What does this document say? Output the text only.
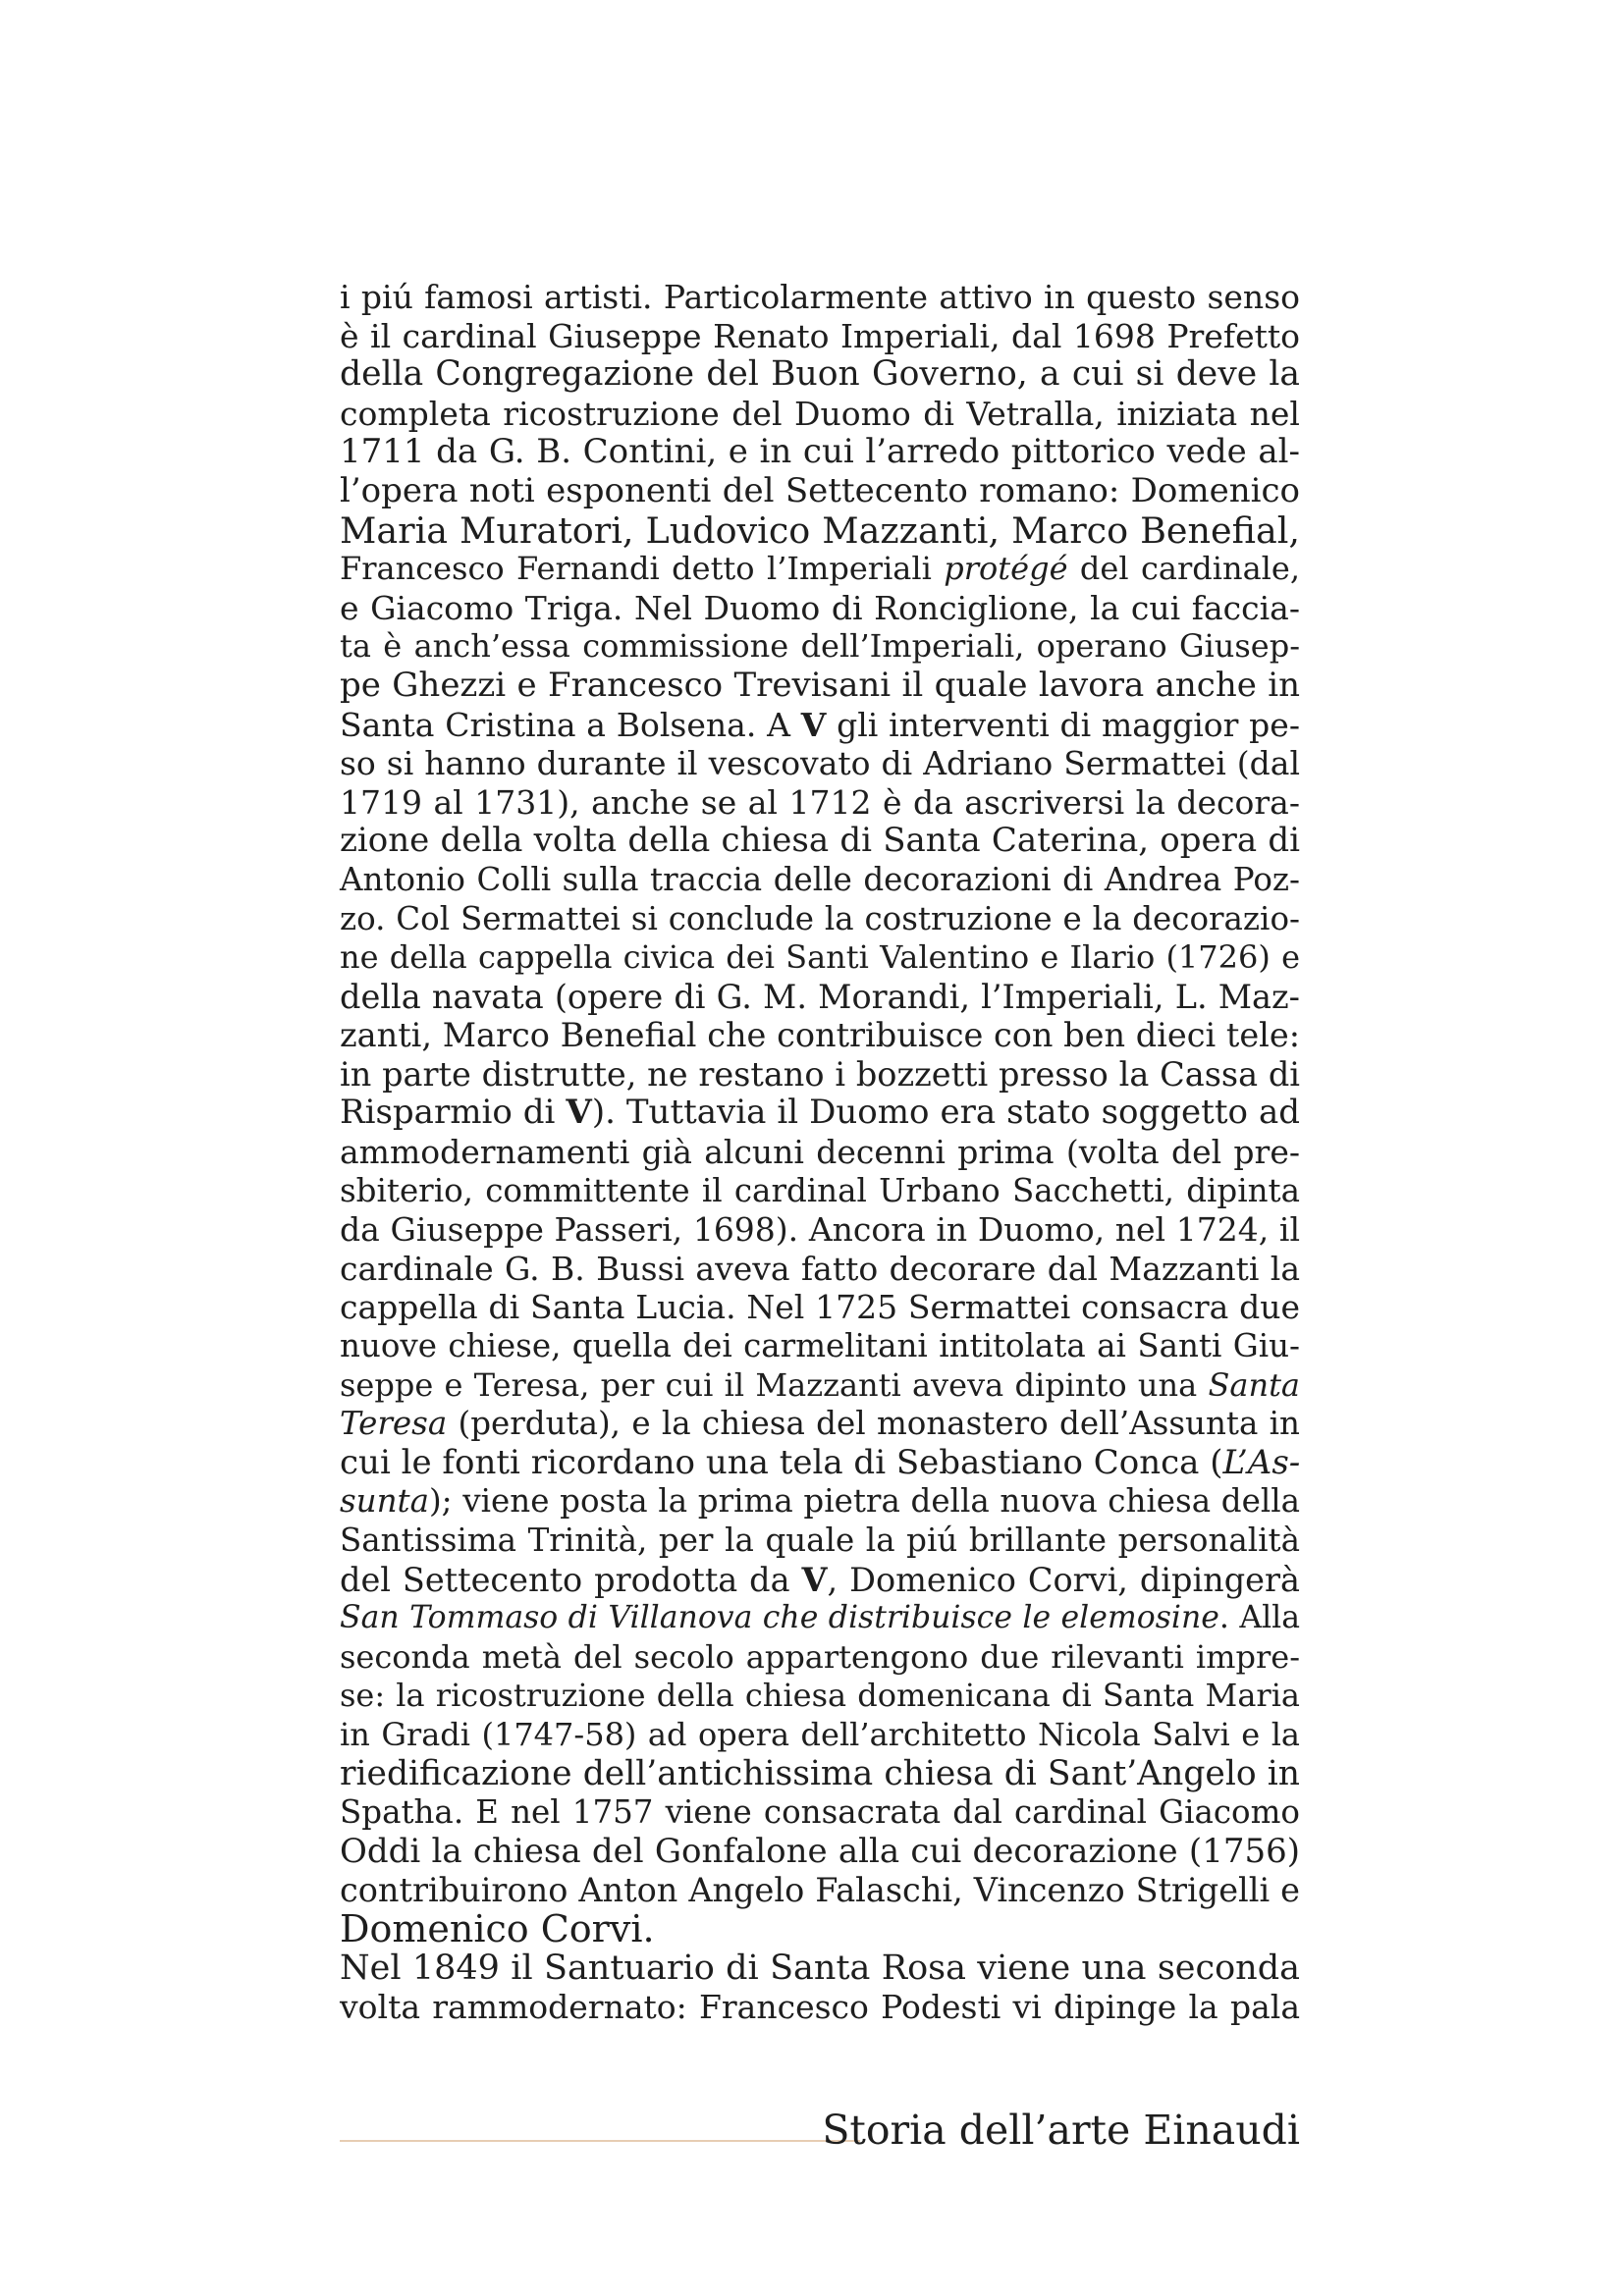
i piú famosi artisti. Particolarmente attivo in questo senso
è il cardinal Giuseppe Renato Imperiali, dal 1698 Prefetto
della Congregazione del Buon Governo, a cui si deve la
completa ricostruzione del Duomo di Vetralla, iniziata nel
1711 da G. B. Contini, e in cui l’arredo pittorico vede al-
l’opera noti esponenti del Settecento romano: Domenico
Maria Muratori, Ludovico Mazzanti, Marco Benefial,
Francesco Fernandi detto l’Imperiali protégé del cardinale,
e Giacomo Triga. Nel Duomo di Ronciglione, la cui faccia-
ta è anch’essa commissione dell’Imperiali, operano Giusep-
pe Ghezzi e Francesco Trevisani il quale lavora anche in
Santa Cristina a Bolsena. A V gli interventi di maggior pe-
so si hanno durante il vescovato di Adriano Sermattei (dal
1719 al 1731), anche se al 1712 è da ascriversi la decora-
zione della volta della chiesa di Santa Caterina, opera di
Antonio Colli sulla traccia delle decorazioni di Andrea Poz-
zo. Col Sermattei si conclude la costruzione e la decorazio-
ne della cappella civica dei Santi Valentino e Ilario (1726) e
della navata (opere di G. M. Morandi, l’Imperiali, L. Maz-
zanti, Marco Benefial che contribuisce con ben dieci tele:
in parte distrutte, ne restano i bozzetti presso la Cassa di
Risparmio di V). Tuttavia il Duomo era stato soggetto ad
ammodernamenti già alcuni decenni prima (volta del pre-
sbiterio, committente il cardinal Urbano Sacchetti, dipinta
da Giuseppe Passeri, 1698). Ancora in Duomo, nel 1724, il
cardinale G. B. Bussi aveva fatto decorare dal Mazzanti la
cappella di Santa Lucia. Nel 1725 Sermattei consacra due
nuove chiese, quella dei carmelitani intitolata ai Santi Giu-
seppe e Teresa, per cui il Mazzanti aveva dipinto una Santa
Teresa (perduta), e la chiesa del monastero dell’Assunta in
cui le fonti ricordano una tela di Sebastiano Conca (L’As-
sunta); viene posta la prima pietra della nuova chiesa della
Santissima Trinità, per la quale la piú brillante personalità
del Settecento prodotta da V, Domenico Corvi, dipingerà
San Tommaso di Villanova che distribuisce le elemosine. Alla
seconda metà del secolo appartengono due rilevanti impre-
se: la ricostruzione della chiesa domenicana di Santa Maria
in Gradi (1747-58) ad opera dell’architetto Nicola Salvi e la
riedificazione dell’antichissima chiesa di Sant’Angelo in
Spatha. E nel 1757 viene consacrata dal cardinal Giacomo
Oddi la chiesa del Gonfalone alla cui decorazione (1756)
contribuirono Anton Angelo Falaschi, Vincenzo Strigelli e
Domenico Corvi.
Nel 1849 il Santuario di Santa Rosa viene una seconda
volta rammodernato: Francesco Podesti vi dipinge la pala
Storia dell’arte Einaudi
